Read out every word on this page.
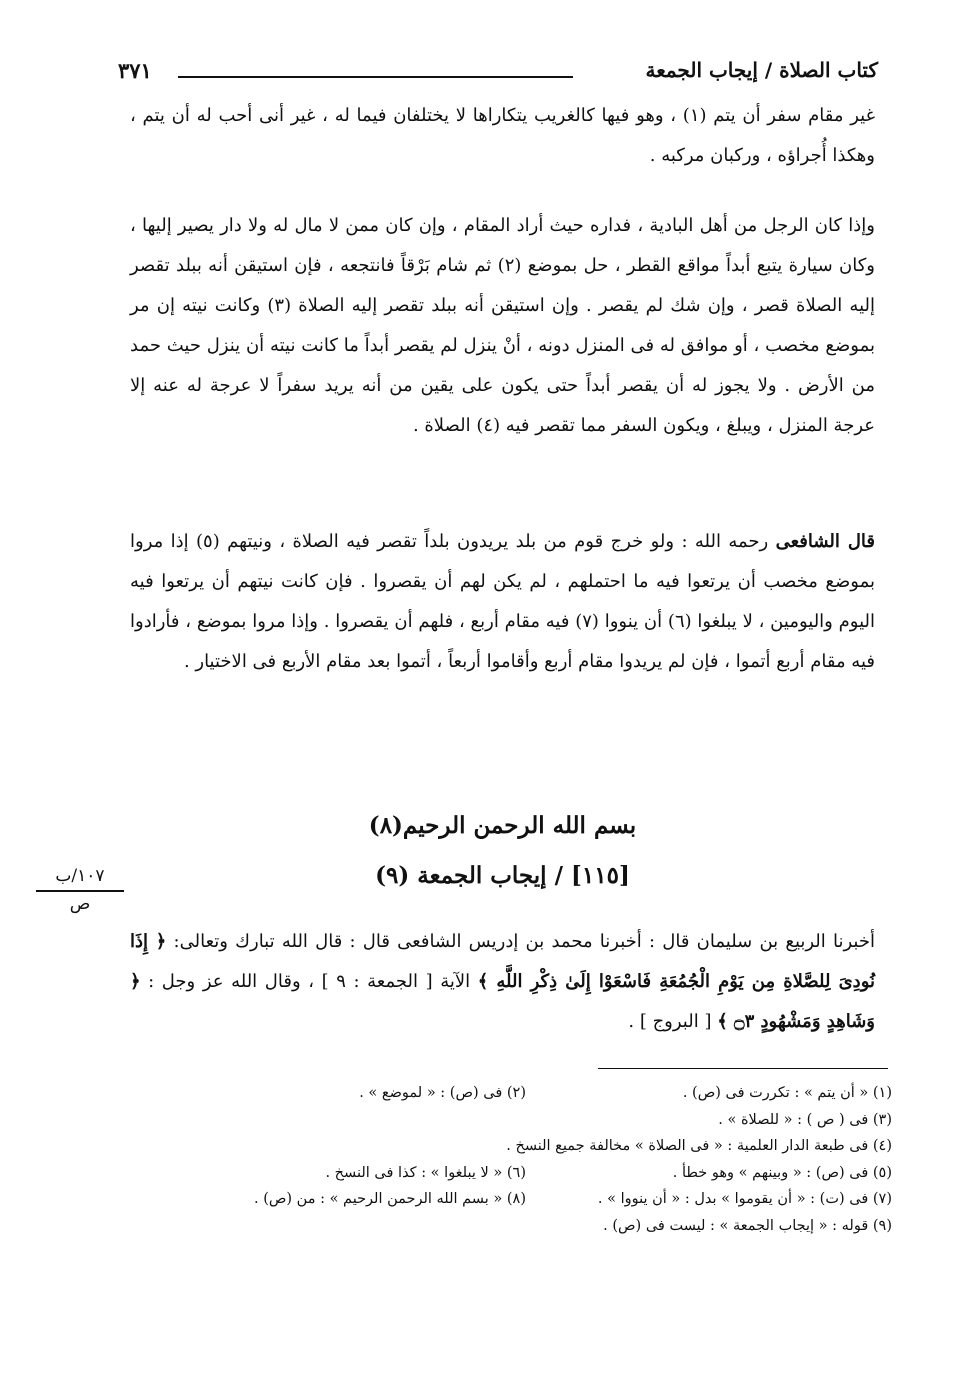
كتاب الصلاة / إيجاب الجمعة
٣٧١
غير مقام سفر أن يتم (١) ، وهو فيها كالغريب يتكاراها لا يختلفان فيما له ، غير أنى أحب له أن يتم ، وهكذا أُجراؤه ، وركبان مركبه .
وإذا كان الرجل من أهل البادية ، فداره حيث أراد المقام ، وإن كان ممن لا مال له ولا دار يصير إليها ، وكان سيارة يتبع أبداً مواقع القطر ، حل بموضع (٢) ثم شام بَرْقاً فانتجعه ، فإن استيقن أنه ببلد تقصر إليه الصلاة قصر ، وإن شك لم يقصر . وإن استيقن أنه ببلد تقصر إليه الصلاة (٣) وكانت نيته إن مر بموضع مخصب ، أو موافق له فى المنزل دونه ، أنْ ينزل لم يقصر أبداً ما كانت نيته أن ينزل حيث حمد من الأرض . ولا يجوز له أن يقصر أبداً حتى يكون على يقين من أنه يريد سفراً لا عرجة له عنه إلا عرجة المنزل ، ويبلغ ، ويكون السفر مما تقصر فيه (٤) الصلاة .
قال الشافعى رحمه الله : ولو خرج قوم من بلد يريدون بلداً تقصر فيه الصلاة ، ونيتهم (٥) إذا مروا بموضع مخصب أن يرتعوا فيه ما احتملهم ، لم يكن لهم أن يقصروا . فإن كانت نيتهم أن يرتعوا فيه اليوم واليومين ، لا يبلغوا (٦) أن ينووا (٧) فيه مقام أربع ، فلهم أن يقصروا . وإذا مروا بموضع ، فأرادوا فيه مقام أربع أتموا ، فإن لم يريدوا مقام أربع وأقاموا أربعاً ، أتموا بعد مقام الأربع فى الاختيار .
بسم الله الرحمن الرحيم(٨)
[١١٥] / إيجاب الجمعة (٩)
١٠٧/ب
ص
أخبرنا الربيع بن سليمان قال : أخبرنا محمد بن إدريس الشافعى قال : قال الله تبارك وتعالى: ﴿ إِذَا نُودِىَ لِلصَّلاةِ مِن يَوْمِ الْجُمُعَةِ فَاسْعَوْا إِلَىٰ ذِكْرِ اللَّهِ ﴾ الآية [ الجمعة : ٩ ] ، وقال الله عز وجل : ﴿ وَشَاهِدٍ وَمَشْهُودٍ ۝٣ ﴾ [ البروج ] .
(١) « أن يتم » : تكررت فى (ص) .
(٢) فى (ص) : « لموضع » .
(٣) فى ( ص ) : « للصلاة » .
(٤) فى طبعة الدار العلمية : « فى الصلاة » مخالفة جميع النسخ .
(٥) فى (ص) : « وبينهم » وهو خطأ .
(٦) « لا يبلغوا » : كذا فى النسخ .
(٧) فى (ت) : « أن يقوموا » بدل : « أن ينووا » .
(٨) « بسم الله الرحمن الرحيم » : من (ص) .
(٩) قوله : « إيجاب الجمعة » : ليست فى (ص) .
